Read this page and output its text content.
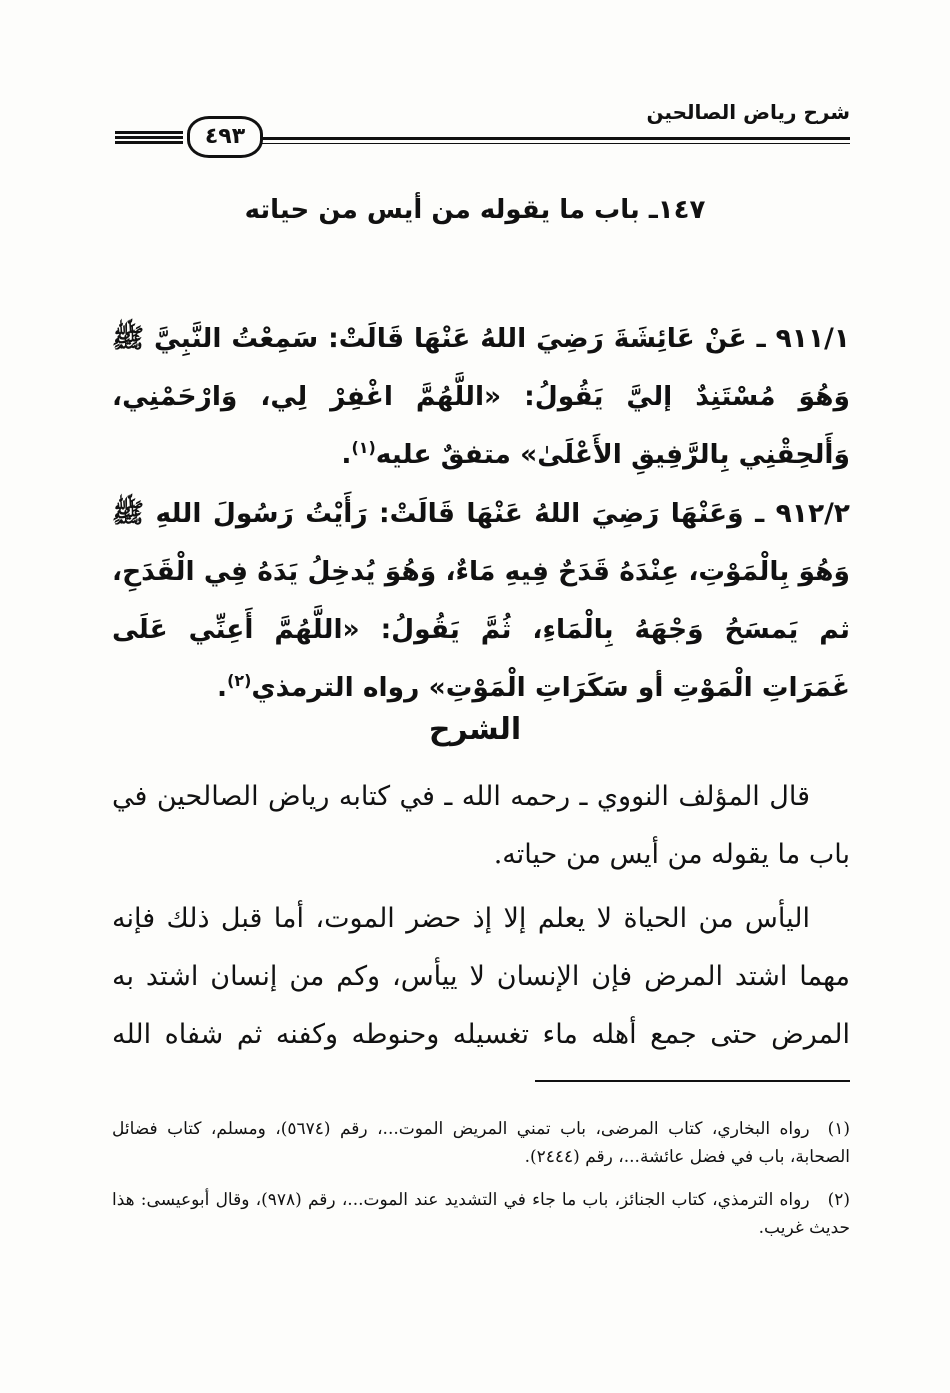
شرح رياض الصالحين
٤٩٣
١٤٧ـ باب ما يقوله من أيس من حياته
٩١١/١ ـ عَنْ عَائِشَةَ رَضِيَ اللهُ عَنْهَا قَالَتْ: سَمِعْتُ النَّبِيَّ ﷺ وَهُوَ مُسْتَنِدٌ إليَّ يَقُولُ: «اللَّهُمَّ اغْفِرْ لِي، وَارْحَمْنِي، وَأَلحِقْنِي بِالرَّفِيقِ الأَعْلَىٰ» متفقٌ عليه$^{(١)}$.
٩١٢/٢ ـ وَعَنْهَا رَضِيَ اللهُ عَنْهَا قَالَتْ: رَأَيْتُ رَسُولَ اللهِ ﷺ وَهُوَ بِالْمَوْتِ، عِنْدَهُ قَدَحٌ فِيهِ مَاءٌ، وَهُوَ يُدخِلُ يَدَهُ فِي الْقَدَحِ، ثم يَمسَحُ وَجْهَهُ بِالْمَاءِ، ثُمَّ يَقُولُ: «اللَّهُمَّ أَعِنِّي عَلَى غَمَرَاتِ الْمَوْتِ أو سَكَرَاتِ الْمَوْتِ» رواه الترمذي$^{(٢)}$.
الشرح
قال المؤلف النووي ـ رحمه الله ـ في كتابه رياض الصالحين في باب ما يقوله من أيس من حياته.
اليأس من الحياة لا يعلم إلا إذ حضر الموت، أما قبل ذلك فإنه مهما اشتد المرض فإن الإنسان لا ييأس، وكم من إنسان اشتد به المرض حتى جمع أهله ماء تغسيله وحنوطه وكفنه ثم شفاه الله
(١)رواه البخاري، كتاب المرضى، باب تمني المريض الموت...، رقم (٥٦٧٤)، ومسلم، كتاب فضائل الصحابة، باب في فضل عائشة...، رقم (٢٤٤٤).
(٢)رواه الترمذي، كتاب الجنائز، باب ما جاء في التشديد عند الموت...، رقم (٩٧٨)، وقال أبوعيسى: هذا حديث غريب.
